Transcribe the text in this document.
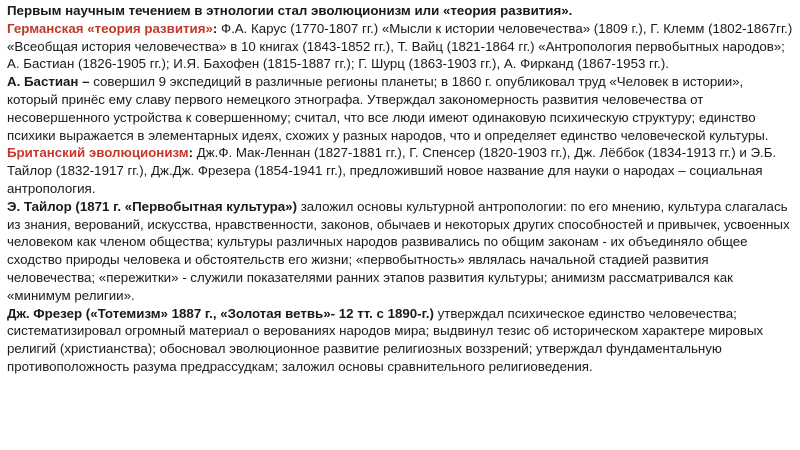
Первым научным течением в этнологии стал эволюционизм или «теория развития».

Германская «теория развития»: Ф.А. Карус (1770-1807 гг.) «Мысли к истории человечества» (1809 г.), Г. Клемм (1802-1867гг.) «Всеобщая история человечества» в 10 книгах (1843-1852 гг.), Т. Вайц (1821-1864 гг.) «Антропология первобытных народов»; А. Бастиан (1826-1905 гг.); И.Я. Бахофен (1815-1887 гг.); Г. Шурц (1863-1903 гг.), А. Фирканд (1867-1953 гг.).

А. Бастиан – совершил 9 экспедиций в различные регионы планеты; в 1860 г. опубликовал труд «Человек в истории», который принёс ему славу первого немецкого этнографа. Утверждал закономерность развития человечества от несовершенного устройства к совершенному; считал, что все люди имеют одинаковую психическую структуру; единство психики выражается в элементарных идеях, схожих у разных народов, что и определяет единство человеческой культуры.

Британский эволюционизм: Дж.Ф. Мак-Леннан (1827-1881 гг.), Г. Спенсер (1820-1903 гг.), Дж. Лёббок (1834-1913 гг.) и Э.Б. Тайлор (1832-1917 гг.), Дж.Дж. Фрезера (1854-1941 гг.), предложивший новое название для науки о народах – социальная антропология.

Э. Тайлор (1871 г. «Первобытная культура») заложил основы культурной антропологии: по его мнению, культура слагалась из знания, верований, искусства, нравственности, законов, обычаев и некоторых других способностей и привычек, усвоенных человеком как членом общества; культуры различных народов развивались по общим законам - их объединяло общее сходство природы человека и обстоятельств его жизни; «первобытность» являлась начальной стадией развития человечества; «пережитки» - служили показателями ранних этапов развития культуры; анимизм рассматривался как «минимум религии».

Дж. Фрезер («Тотемизм» 1887 г., «Золотая ветвь»- 12 тт. с 1890-г.) утверждал психическое единство человечества; систематизировал огромный материал о верованиях народов мира; выдвинул тезис об историческом характере мировых религий (христианства); обосновал эволюционное развитие религиозных воззрений; утверждал фундаментальную противоположность разума предрассудкам; заложил основы сравнительного религиоведения.
